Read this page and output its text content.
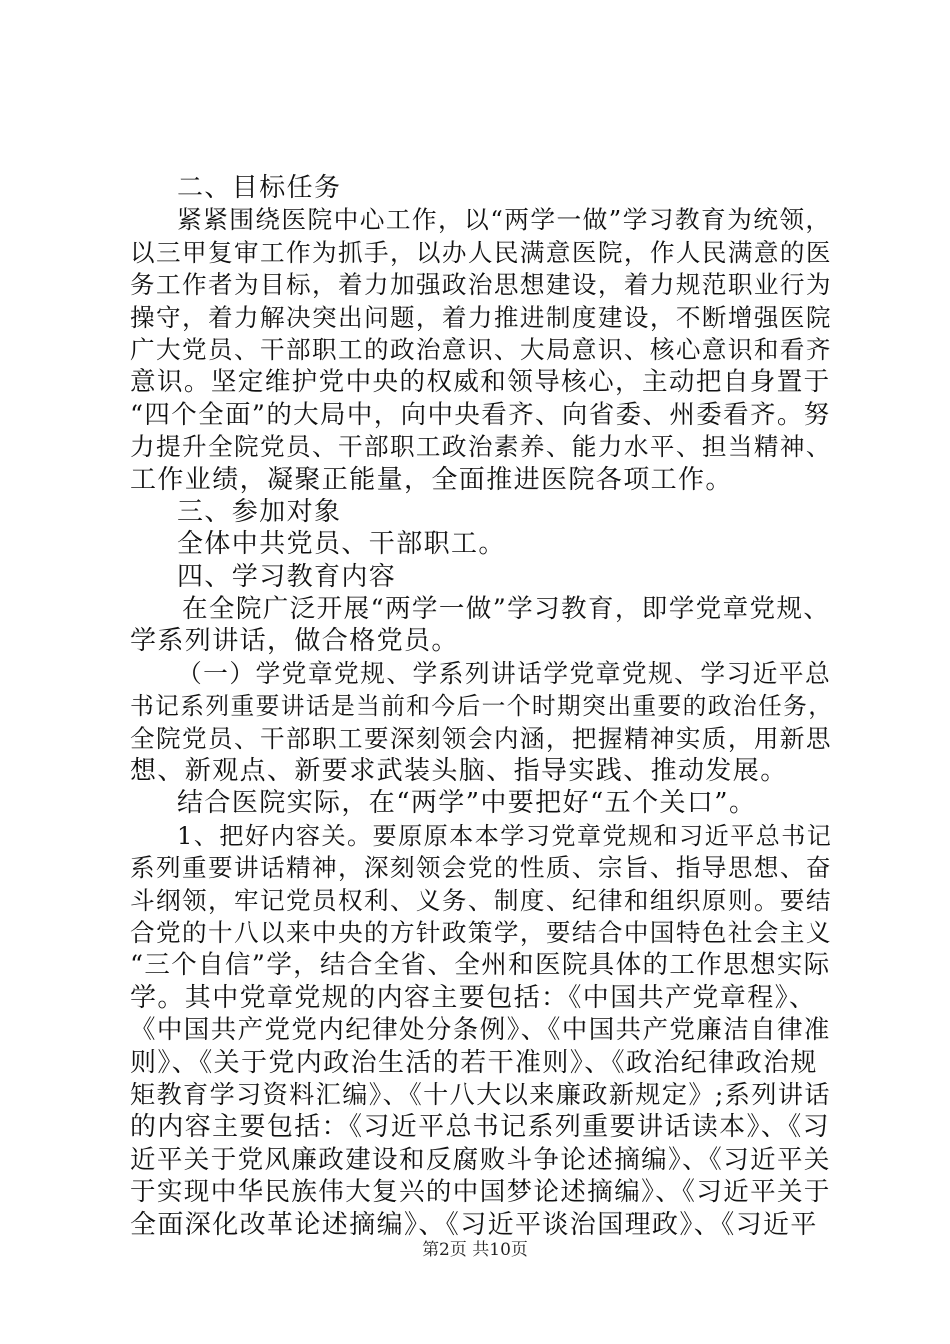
二、目标任务
紧紧围绕医院中心工作，以“两学一做”学习教育为统领，
以三甲复审工作为抓手，以办人民满意医院，作人民满意的医
务工作者为目标，着力加强政治思想建设，着力规范职业行为
操守，着力解决突出问题，着力推进制度建设，不断增强医院
广大党员、干部职工的政治意识、大局意识、核心意识和看齐
意识。坚定维护党中央的权威和领导核心，主动把自身置于
“四个全面”的大局中，向中央看齐、向省委、州委看齐。努
力提升全院党员、干部职工政治素养、能力水平、担当精神、
工作业绩，凝聚正能量，全面推进医院各项工作。
三、参加对象
全体中共党员、干部职工。
四、学习教育内容
在全院广泛开展“两学一做”学习教育，即学党章党规、
学系列讲话，做合格党员。
（一）学党章党规、学系列讲话学党章党规、学习近平总
书记系列重要讲话是当前和今后一个时期突出重要的政治任务，
全院党员、干部职工要深刻领会内涵，把握精神实质，用新思
想、新观点、新要求武装头脑、指导实践、推动发展。
结合医院实际，在“两学”中要把好“五个关口”。
1、把好内容关。要原原本本学习党章党规和习近平总书记
系列重要讲话精神，深刻领会党的性质、宗旨、指导思想、奋
斗纲领，牢记党员权利、义务、制度、纪律和组织原则。要结
合党的十八以来中央的方针政策学，要结合中国特色社会主义
“三个自信”学，结合全省、全州和医院具体的工作思想实际
学。其中党章党规的内容主要包括：《中国共产党章程》、
《中国共产党党内纪律处分条例》、《中国共产党廉洁自律准
则》、《关于党内政治生活的若干准则》、《政治纪律政治规
矩教育学习资料汇编》、《十八大以来廉政新规定》;系列讲话
的内容主要包括：《习近平总书记系列重要讲话读本》、《习
近平关于党风廉政建设和反腐败斗争论述摘编》、《习近平关
于实现中华民族伟大复兴的中国梦论述摘编》、《习近平关于
全面深化改革论述摘编》、《习近平谈治国理政》、《习近平
第2页 共10页
